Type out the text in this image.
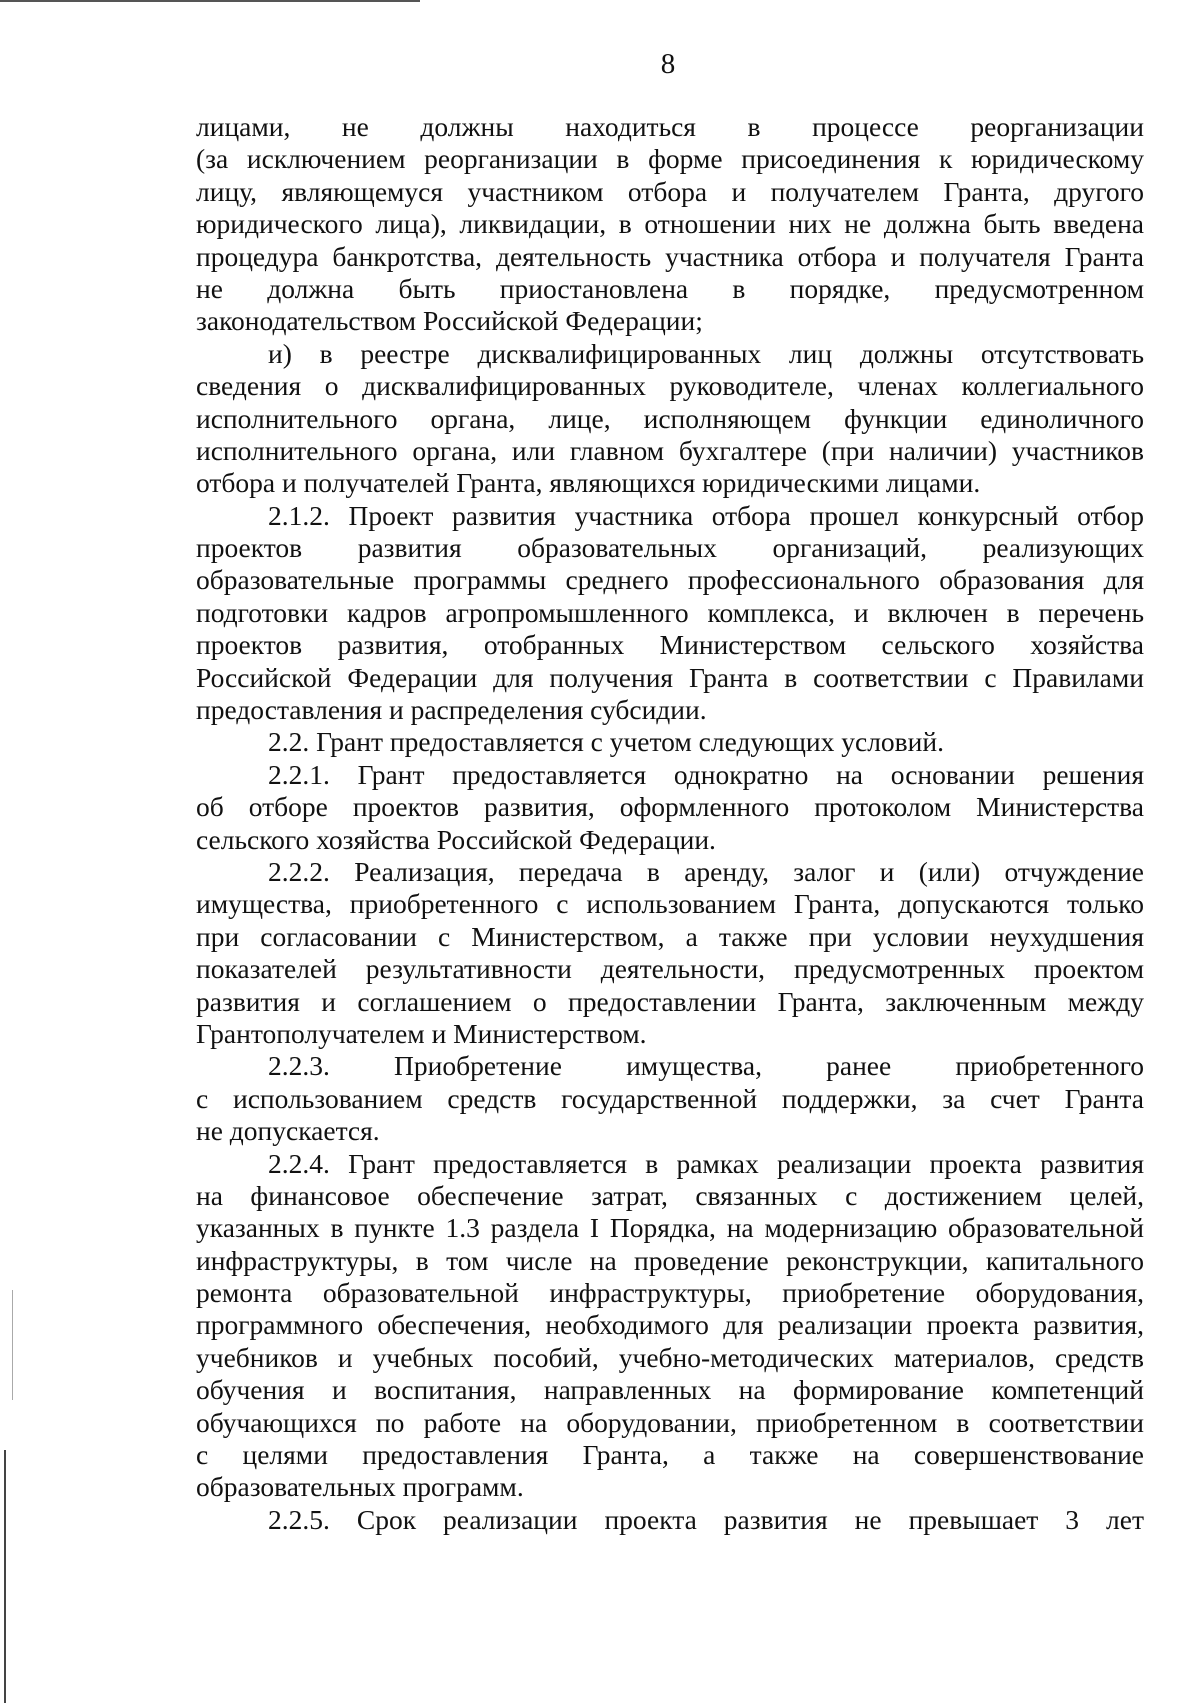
8
лицами, не должны находиться в процессе реорганизации
(за исключением реорганизации в форме присоединения к юридическому
лицу, являющемуся участником отбора и получателем Гранта, другого
юридического лица), ликвидации, в отношении них не должна быть введена
процедура банкротства, деятельность участника отбора и получателя Гранта
не должна быть приостановлена в порядке, предусмотренном
законодательством Российской Федерации;
и) в реестре дисквалифицированных лиц должны отсутствовать
сведения о дисквалифицированных руководителе, членах коллегиального
исполнительного органа, лице, исполняющем функции единоличного
исполнительного органа, или главном бухгалтере (при наличии) участников
отбора и получателей Гранта, являющихся юридическими лицами.
2.1.2. Проект развития участника отбора прошел конкурсный отбор
проектов развития образовательных организаций, реализующих
образовательные программы среднего профессионального образования для
подготовки кадров агропромышленного комплекса, и включен в перечень
проектов развития, отобранных Министерством сельского хозяйства
Российской Федерации для получения Гранта в соответствии с Правилами
предоставления и распределения субсидии.
2.2. Грант предоставляется с учетом следующих условий.
2.2.1. Грант предоставляется однократно на основании решения
об отборе проектов развития, оформленного протоколом Министерства
сельского хозяйства Российской Федерации.
2.2.2. Реализация, передача в аренду, залог и (или) отчуждение
имущества, приобретенного с использованием Гранта, допускаются только
при согласовании с Министерством, а также при условии неухудшения
показателей результативности деятельности, предусмотренных проектом
развития и соглашением о предоставлении Гранта, заключенным между
Грантополучателем и Министерством.
2.2.3. Приобретение имущества, ранее приобретенного
с использованием средств государственной поддержки, за счет Гранта
не допускается.
2.2.4. Грант предоставляется в рамках реализации проекта развития
на финансовое обеспечение затрат, связанных с достижением целей,
указанных в пункте 1.3 раздела I Порядка, на модернизацию образовательной
инфраструктуры, в том числе на проведение реконструкции, капитального
ремонта образовательной инфраструктуры, приобретение оборудования,
программного обеспечения, необходимого для реализации проекта развития,
учебников и учебных пособий, учебно-методических материалов, средств
обучения и воспитания, направленных на формирование компетенций
обучающихся по работе на оборудовании, приобретенном в соответствии
с целями предоставления Гранта, а также на совершенствование
образовательных программ.
2.2.5. Срок реализации проекта развития не превышает 3 лет
